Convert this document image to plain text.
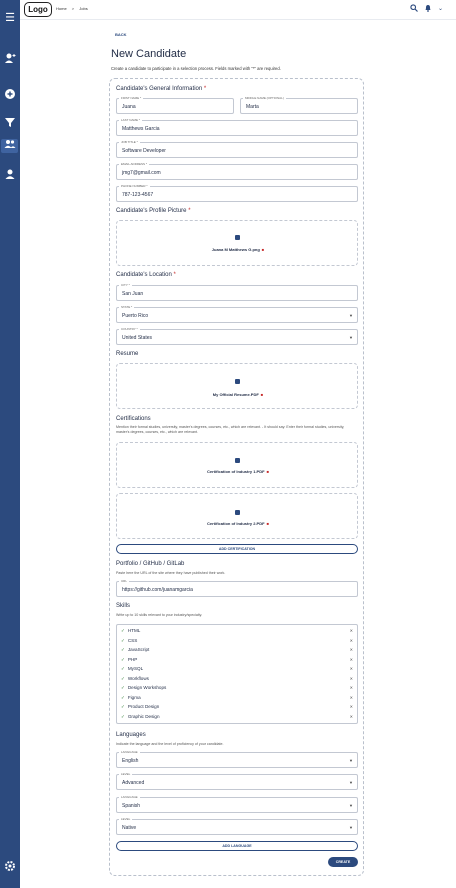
☰
Logo	Home > Jobs	⌄
BACK
New Candidate
Create a candidate to participate in a selection process. Fields marked with "*" are required.
Candidate's General Information *
FIRST NAME *
Juana
MIDDLE NAME (OPTIONAL)
Marta
LAST NAME *
Matthews Garcia
JOB TITLE *
Software Developer
EMAIL ADDRESS *
jmg7@gmail.com
PHONE NUMBER *
787-123-4567
Candidate's Profile Picture *
Juana M Matthews G.png ■
Candidate's Location *
CITY *
San Juan
STATE *
Puerto Rico	▼
COUNTRY *
United States	▼
Resume
My Official Resume.PDF ■
Certifications
Mention their formal studies, university, master's degrees, courses, etc., which are relevant. - It should say: Enter their formal studies, university, master's degrees, courses, etc., which are relevant.
Certification of Industry 1.PDF ■
Certification of Industry 2.PDF ■
ADD CERTIFICATION
Portfolio / GitHub / GitLab
Paste here the URL of the site where they have published their work.
URL
https://github.com/juanamgarcia
Skills
Write up to 10 skills relevant to your industry/specialty.
✓ HTML	✕
✓ CSS	✕
✓ JavaScript	✕
✓ PHP	✕
✓ MySQL	✕
✓ Workflows	✕
✓ Design Workshops	✕
✓ Figma	✕
✓ Product Design	✕
✓ Graphic Design	✕
Languages
Indicate the language and the level of proficiency of your candidate.
LANGUAGE
English	▼
LEVEL
Advanced	▼
LANGUAGE
Spanish	▼
LEVEL
Native	▼
ADD LANGUAGE
CREATE
